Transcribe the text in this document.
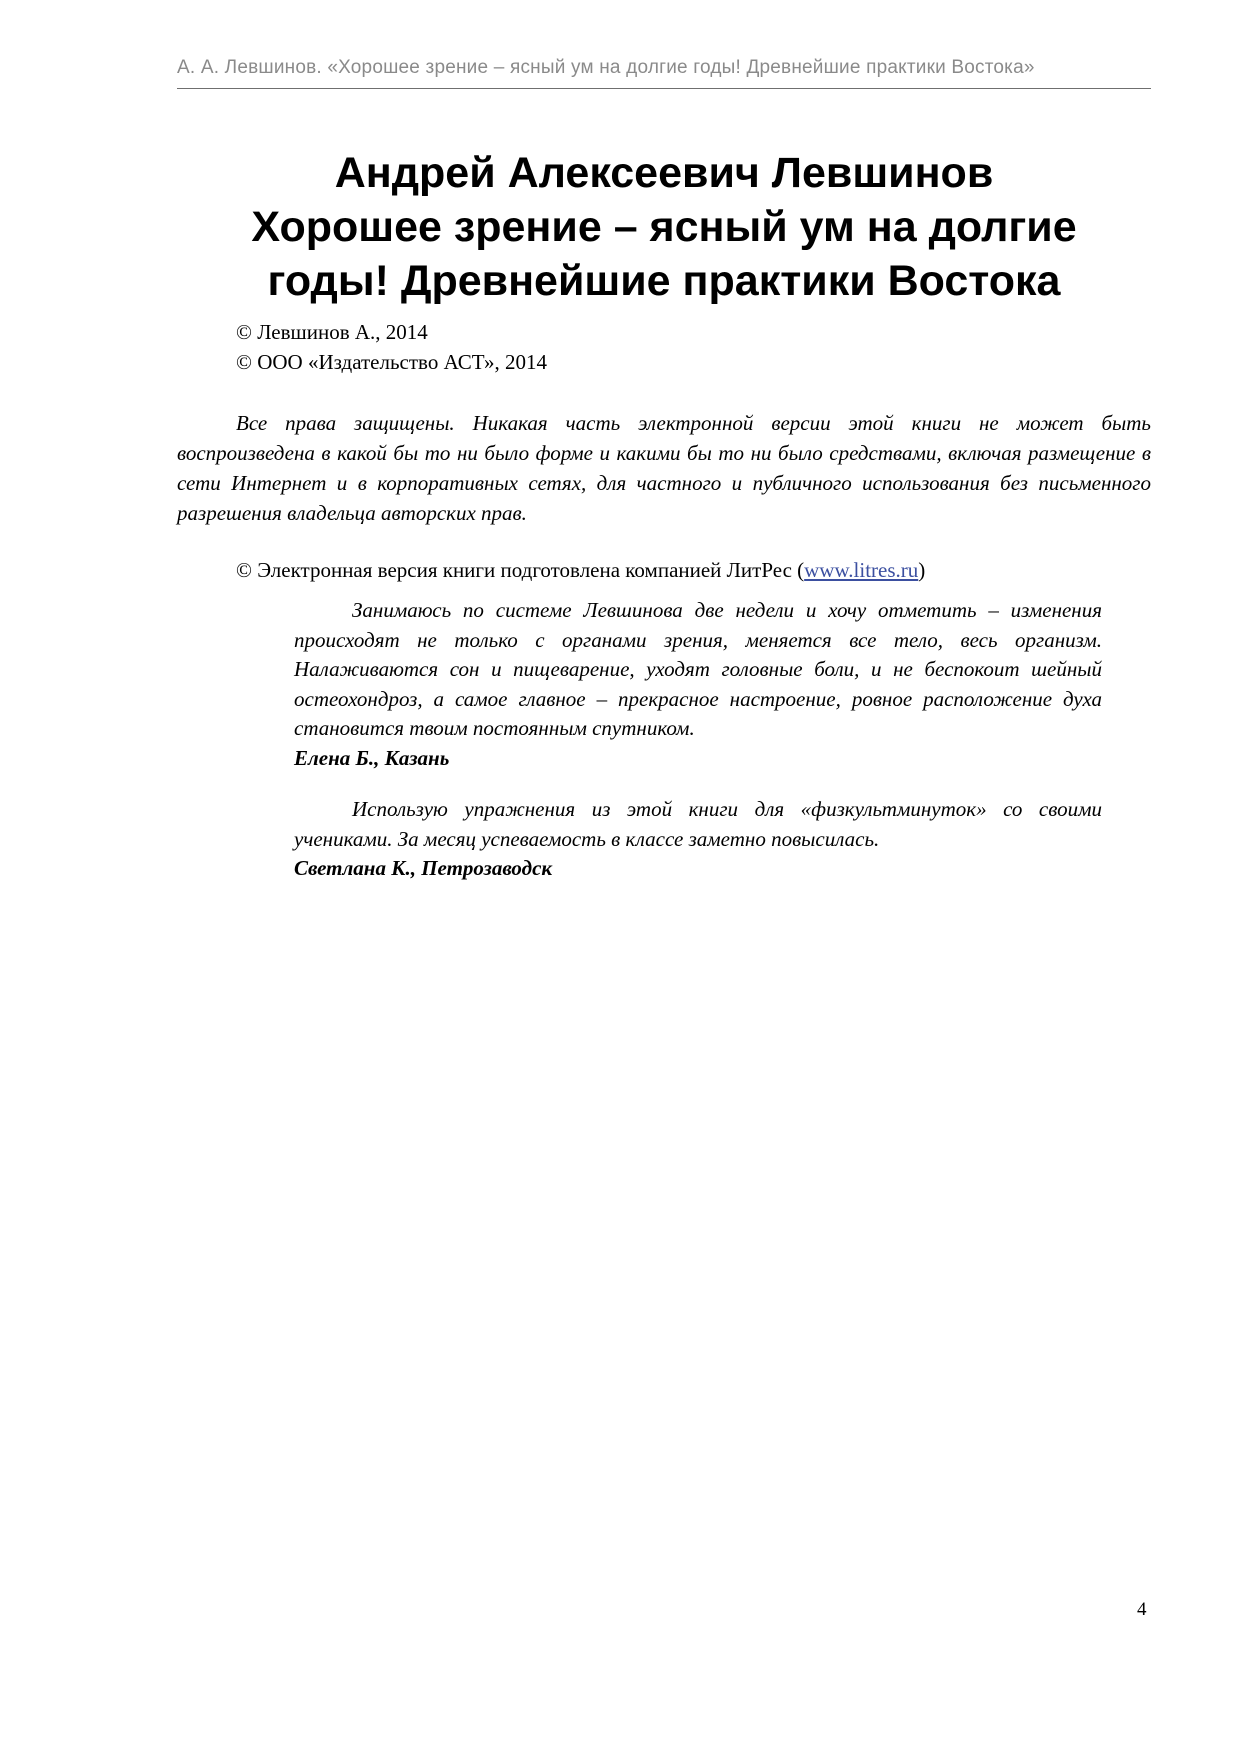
А. А. Левшинов. «Хорошее зрение – ясный ум на долгие годы! Древнейшие практики Востока»
Андрей Алексеевич Левшинов
Хорошее зрение – ясный ум на долгие
годы! Древнейшие практики Востока
© Левшинов А., 2014
© ООО «Издательство АСТ», 2014

Все права защищены. Никакая часть электронной версии этой книги не может быть воспроизведена в какой бы то ни было форме и какими бы то ни было средствами, включая размещение в сети Интернет и в корпоративных сетях, для частного и публичного использования без письменного разрешения владельца авторских прав.

© Электронная версия книги подготовлена компанией ЛитРес (www.litres.ru)

Занимаюсь по системе Левшинова две недели и хочу отметить – изменения происходят не только с органами зрения, меняется все тело, весь организм. Налаживаются сон и пищеварение, уходят головные боли, и не беспокоит шейный остеохондроз, а самое главное – прекрасное настроение, ровное расположение духа становится твоим постоянным спутником.

Елена Б., Казань

Использую упражнения из этой книги для «физкультминуток» со своими учениками. За месяц успеваемость в классе заметно повысилась.

Светлана К., Петрозаводск
4
